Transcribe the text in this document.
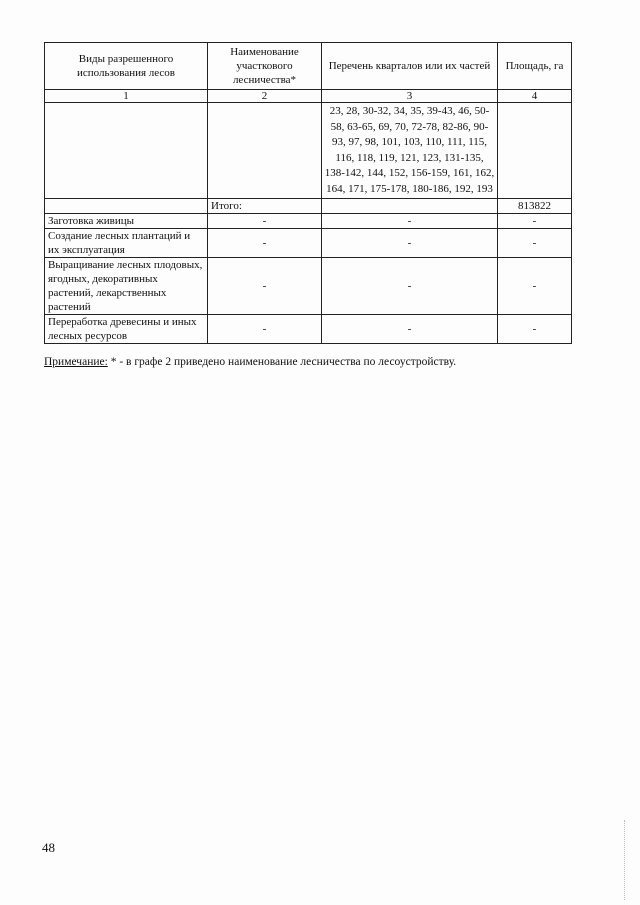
Виды разрешенного использования лесов	Наименование участкового лесничества*	Перечень кварталов или их частей	Площадь, га
1	2	3	4
		23, 28, 30-32, 34, 35, 39-43, 46, 50-58, 63-65, 69, 70, 72-78, 82-86, 90-93, 97, 98, 101, 103, 110, 111, 115, 116, 118, 119, 121, 123, 131-135, 138-142, 144, 152, 156-159, 161, 162, 164, 171, 175-178, 180-186, 192, 193	
	Итого:		813822
Заготовка живицы	-	-	-
Создание лесных плантаций и их эксплуатация	-	-	-
Выращивание лесных плодовых, ягодных, декоративных растений, лекарственных растений	-	-	-
Переработка древесины и иных лесных ресурсов	-	-	-
Примечание: * - в графе 2 приведено наименование лесничества по лесоустройству.
48
